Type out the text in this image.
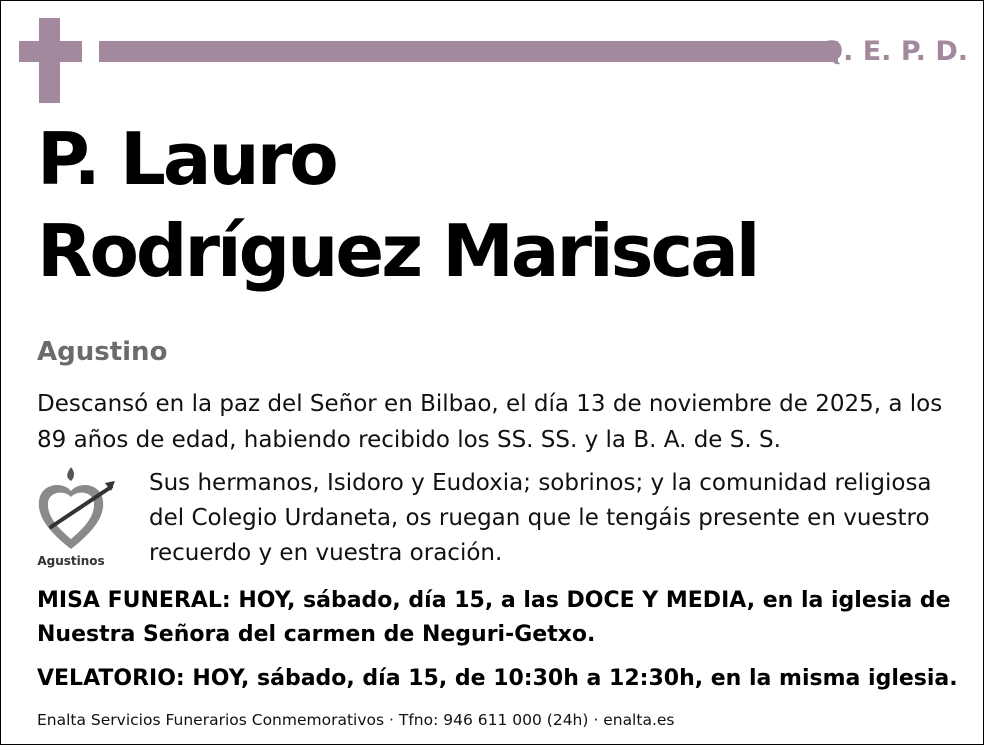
Q. E. P. D.
P. Lauro
Rodríguez Mariscal
Agustino
Descansó en la paz del Señor en Bilbao, el día 13 de noviembre de 2025, a los 89 años de edad, habiendo recibido los SS. SS. y la B. A. de S. S.
Agustinos
Sus hermanos, Isidoro y Eudoxia; sobrinos; y la comunidad religiosa del Colegio Urdaneta, os ruegan que le tengáis presente en vuestro recuerdo y en vuestra oración.
MISA FUNERAL: HOY, sábado, día 15, a las DOCE Y MEDIA, en la iglesia de Nuestra Señora del carmen de Neguri-Getxo.
VELATORIO: HOY, sábado, día 15, de 10:30h a 12:30h, en la misma iglesia.
Enalta Servicios Funerarios Conmemorativos · Tfno: 946 611 000 (24h) · enalta.es
